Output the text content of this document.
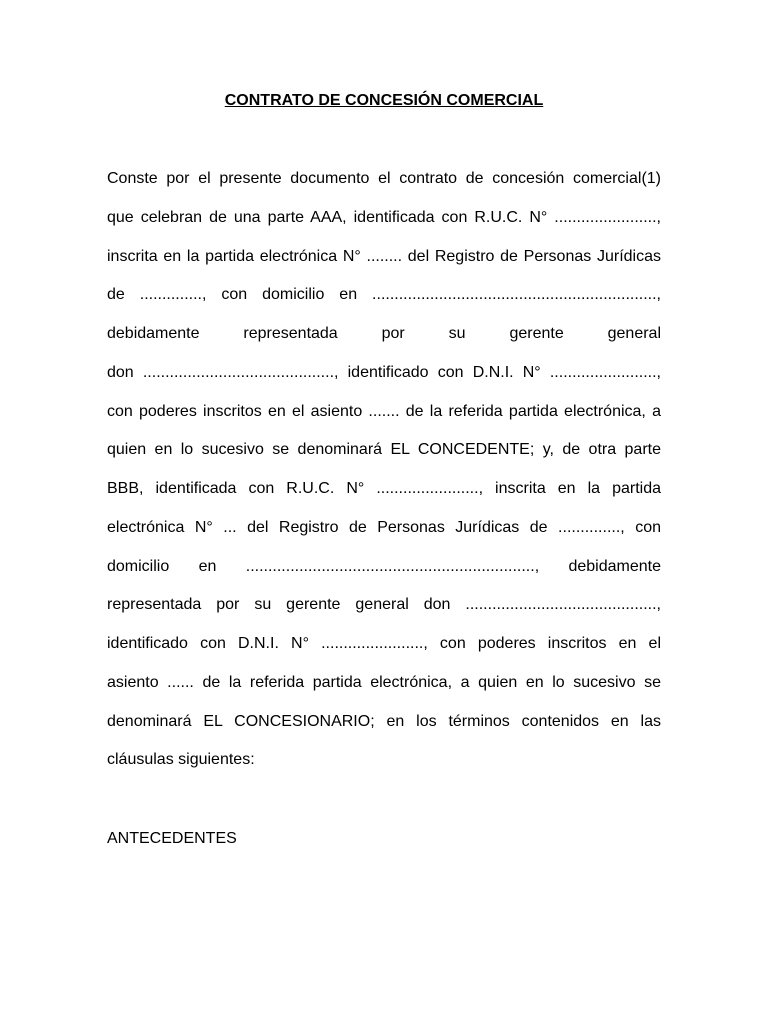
CONTRATO DE CONCESIÓN COMERCIAL
Conste por el presente documento el contrato de concesión comercial(1)
que celebran de una parte AAA, identificada con R.U.C. N° .......................,
inscrita en la partida electrónica N° ........ del Registro de Personas Jurídicas
de .............., con domicilio en ................................................................,
debidamente representada por su gerente general
don ..........................................., identificado con D.N.I. N° ........................,
con poderes inscritos en el asiento ....... de la referida partida electrónica, a
quien en lo sucesivo se denominará EL CONCEDENTE; y, de otra parte
BBB, identificada con R.U.C. N° ......................., inscrita en la partida
electrónica N° ... del Registro de Personas Jurídicas de .............., con
domicilio en ................................................................., debidamente
representada por su gerente general don ...........................................,
identificado con D.N.I. N° ......................., con poderes inscritos en el
asiento ...... de la referida partida electrónica, a quien en lo sucesivo se
denominará EL CONCESIONARIO; en los términos contenidos en las
cláusulas siguientes:
ANTECEDENTES
